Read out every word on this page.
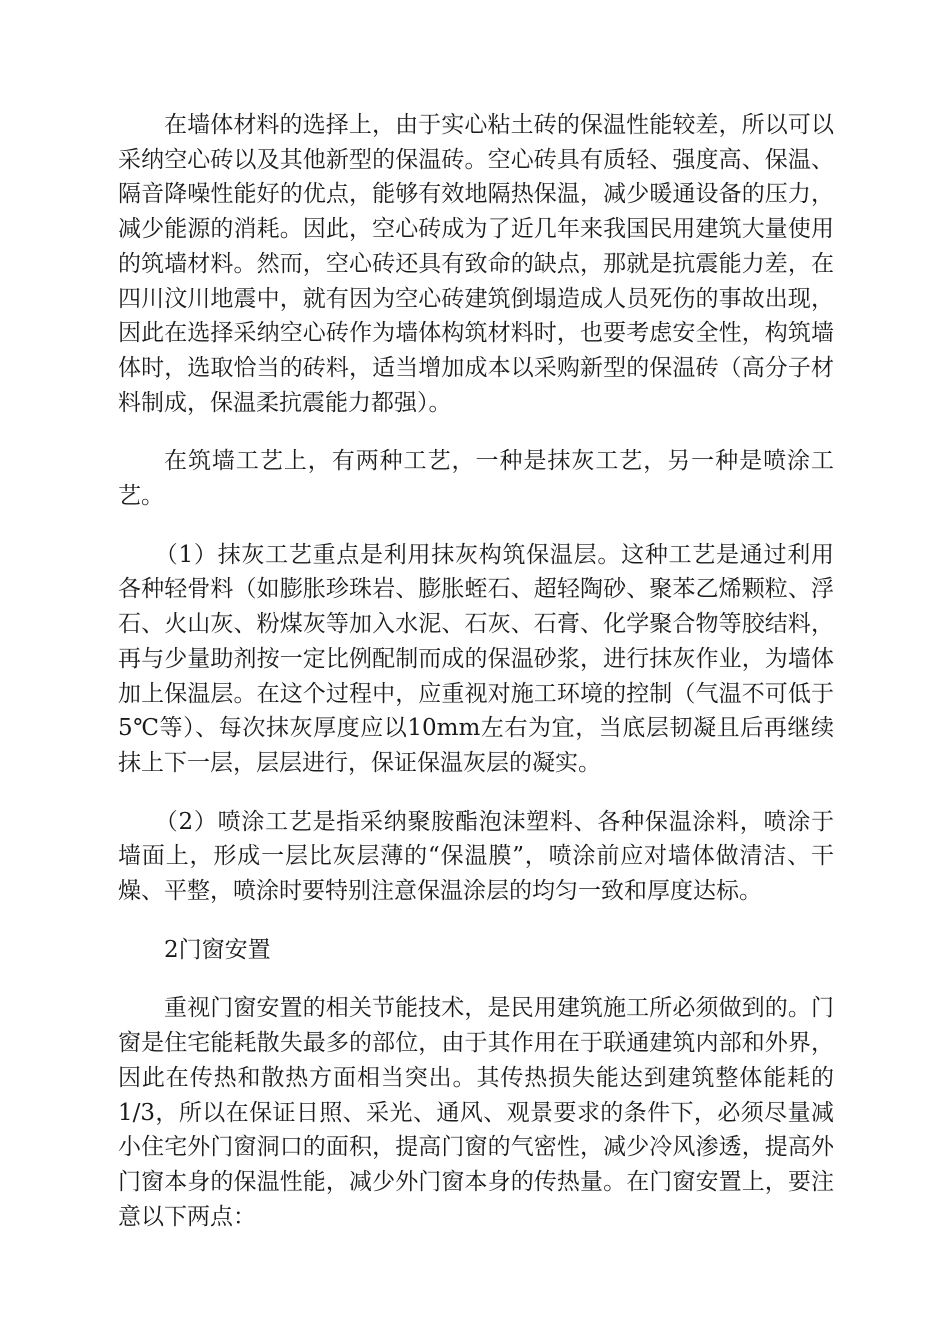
在墙体材料的选择上，由于实心粘土砖的保温性能较差，所以可以采纳空心砖以及其他新型的保温砖。空心砖具有质轻、强度高、保温、隔音降噪性能好的优点，能够有效地隔热保温，减少暖通设备的压力，减少能源的消耗。因此，空心砖成为了近几年来我国民用建筑大量使用的筑墙材料。然而，空心砖还具有致命的缺点，那就是抗震能力差，在四川汶川地震中，就有因为空心砖建筑倒塌造成人员死伤的事故出现，因此在选择采纳空心砖作为墙体构筑材料时，也要考虑安全性，构筑墙体时，选取恰当的砖料，适当增加成本以采购新型的保温砖（高分子材料制成，保温柔抗震能力都强）。

在筑墙工艺上，有两种工艺，一种是抹灰工艺，另一种是喷涂工艺。

（1）抹灰工艺重点是利用抹灰构筑保温层。这种工艺是通过利用各种轻骨料（如膨胀珍珠岩、膨胀蛭石、超轻陶砂、聚苯乙烯颗粒、浮石、火山灰、粉煤灰等加入水泥、石灰、石膏、化学聚合物等胶结料，再与少量助剂按一定比例配制而成的保温砂浆，进行抹灰作业，为墙体加上保温层。在这个过程中，应重视对施工环境的控制（气温不可低于5℃等）、每次抹灰厚度应以10mm左右为宜，当底层韧凝且后再继续抹上下一层，层层进行，保证保温灰层的凝实。

（2）喷涂工艺是指采纳聚胺酯泡沫塑料、各种保温涂料，喷涂于墙面上，形成一层比灰层薄的“保温膜”，喷涂前应对墙体做清洁、干燥、平整，喷涂时要特别注意保温涂层的均匀一致和厚度达标。

2门窗安置

重视门窗安置的相关节能技术，是民用建筑施工所必须做到的。门窗是住宅能耗散失最多的部位，由于其作用在于联通建筑内部和外界，因此在传热和散热方面相当突出。其传热损失能达到建筑整体能耗的1/3，所以在保证日照、采光、通风、观景要求的条件下，必须尽量减小住宅外门窗洞口的面积，提高门窗的气密性，减少冷风渗透，提高外门窗本身的保温性能，减少外门窗本身的传热量。在门窗安置上，要注意以下两点：
